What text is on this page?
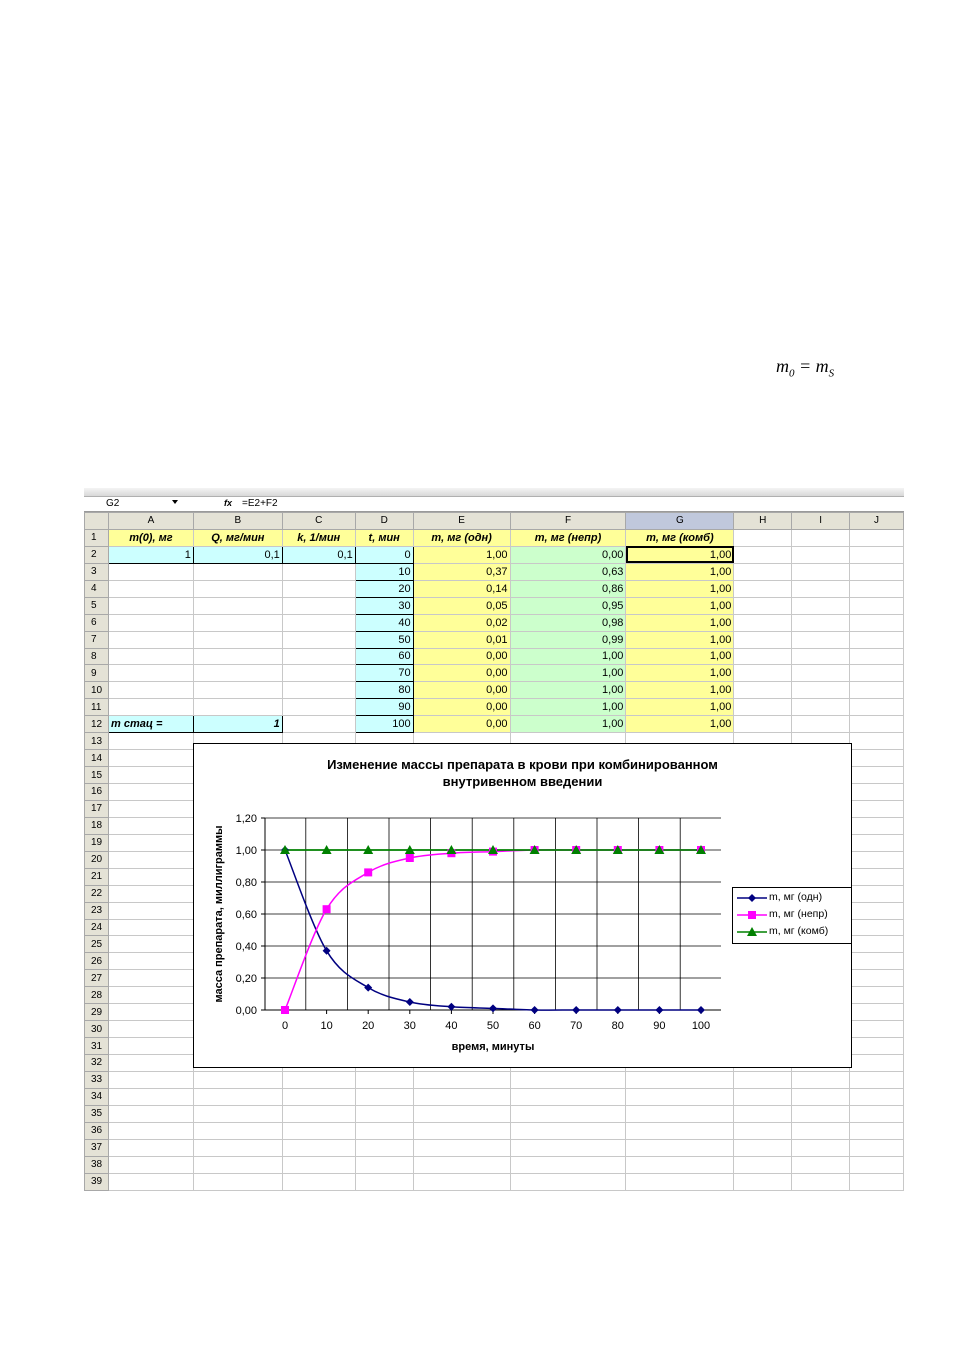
$m_0 = m_S$
G2	fx =E2+F2
	A	B	C	D	E	F	G	H	I	J
1	m(0), мг	Q, мг/мин	k, 1/мин	t, мин	m, мг (одн)	m, мг (непр)	m, мг (комб)			
2	1	0,1	0,1	0	1,00	0,00	1,00			
3				10	0,37	0,63	1,00			
4				20	0,14	0,86	1,00			
5				30	0,05	0,95	1,00			
6				40	0,02	0,98	1,00			
7				50	0,01	0,99	1,00			
8				60	0,00	1,00	1,00			
9				70	0,00	1,00	1,00			
10				80	0,00	1,00	1,00			
11				90	0,00	1,00	1,00			
12	m стац =	1		100	0,00	1,00	1,00			
13										
14										
15										
16										
17										
18										
19										
20										
21										
22										
23										
24										
25										
26										
27										
28										
29										
30										
31										
32										
33										
34										
35										
36										
37										
38										
39										
Изменение массы препарата в крови при комбинированном
внутривенном введении
0,00
0,20
0,40
0,60
0,80
1,00
1,20
0	10	20	30	40	50	60	70	80	90 100
время, минуты
масса препарата, миллиграммы	m, мг (одн)
m, мг (непр)
m, мг (комб)
